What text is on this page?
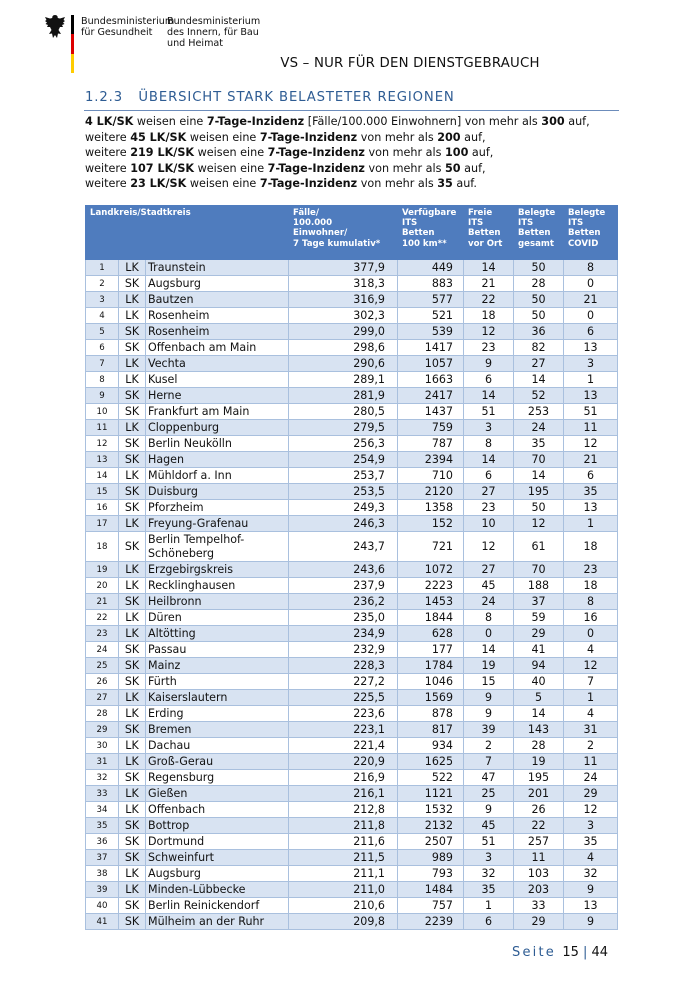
Bundesministerium
für Gesundheit
Bundesministerium
des Innern, für Bau
und Heimat
VS – NUR FÜR DEN DIENSTGEBRAUCH
1.2.3 ÜBERSICHT STARK BELASTETER REGIONEN
4 LK/SK weisen eine 7-Tage-Inzidenz [Fälle/100.000 Einwohnern] von mehr als 300 auf,
weitere 45 LK/SK weisen eine 7-Tage-Inzidenz von mehr als 200 auf,
weitere 219 LK/SK weisen eine 7-Tage-Inzidenz von mehr als 100 auf,
weitere 107 LK/SK weisen eine 7-Tage-Inzidenz von mehr als 50 auf,
weitere 23 LK/SK weisen eine 7-Tage-Inzidenz von mehr als 35 auf.
Landkreis/Stadtkreis			Fälle/
100.000
Einwohner/
7 Tage kumulativ*	Verfügbare
ITS
Betten
100 km**	Freie
ITS
Betten
vor Ort	Belegte
ITS
Betten
gesamt	Belegte
ITS
Betten
COVID
1	LK	Traunstein	377,9	449	14	50	8
2	SK	Augsburg	318,3	883	21	28	0
3	LK	Bautzen	316,9	577	22	50	21
4	LK	Rosenheim	302,3	521	18	50	0
5	SK	Rosenheim	299,0	539	12	36	6
6	SK	Offenbach am Main	298,6	1417	23	82	13
7	LK	Vechta	290,6	1057	9	27	3
8	LK	Kusel	289,1	1663	6	14	1
9	SK	Herne	281,9	2417	14	52	13
10	SK	Frankfurt am Main	280,5	1437	51	253	51
11	LK	Cloppenburg	279,5	759	3	24	11
12	SK	Berlin Neukölln	256,3	787	8	35	12
13	SK	Hagen	254,9	2394	14	70	21
14	LK	Mühldorf a. Inn	253,7	710	6	14	6
15	SK	Duisburg	253,5	2120	27	195	35
16	SK	Pforzheim	249,3	1358	23	50	13
17	LK	Freyung-Grafenau	246,3	152	10	12	1
18	SK	Berlin Tempelhof-Schöneberg	243,7	721	12	61	18
19	LK	Erzgebirgskreis	243,6	1072	27	70	23
20	LK	Recklinghausen	237,9	2223	45	188	18
21	SK	Heilbronn	236,2	1453	24	37	8
22	LK	Düren	235,0	1844	8	59	16
23	LK	Altötting	234,9	628	0	29	0
24	SK	Passau	232,9	177	14	41	4
25	SK	Mainz	228,3	1784	19	94	12
26	SK	Fürth	227,2	1046	15	40	7
27	LK	Kaiserslautern	225,5	1569	9	5	1
28	LK	Erding	223,6	878	9	14	4
29	SK	Bremen	223,1	817	39	143	31
30	LK	Dachau	221,4	934	2	28	2
31	LK	Groß-Gerau	220,9	1625	7	19	11
32	SK	Regensburg	216,9	522	47	195	24
33	LK	Gießen	216,1	1121	25	201	29
34	LK	Offenbach	212,8	1532	9	26	12
35	SK	Bottrop	211,8	2132	45	22	3
36	SK	Dortmund	211,6	2507	51	257	35
37	SK	Schweinfurt	211,5	989	3	11	4
38	LK	Augsburg	211,1	793	32	103	32
39	LK	Minden-Lübbecke	211,0	1484	35	203	9
40	SK	Berlin Reinickendorf	210,6	757	1	33	13
41	SK	Mülheim an der Ruhr	209,8	2239	6	29	9
Seite 15 | 44
